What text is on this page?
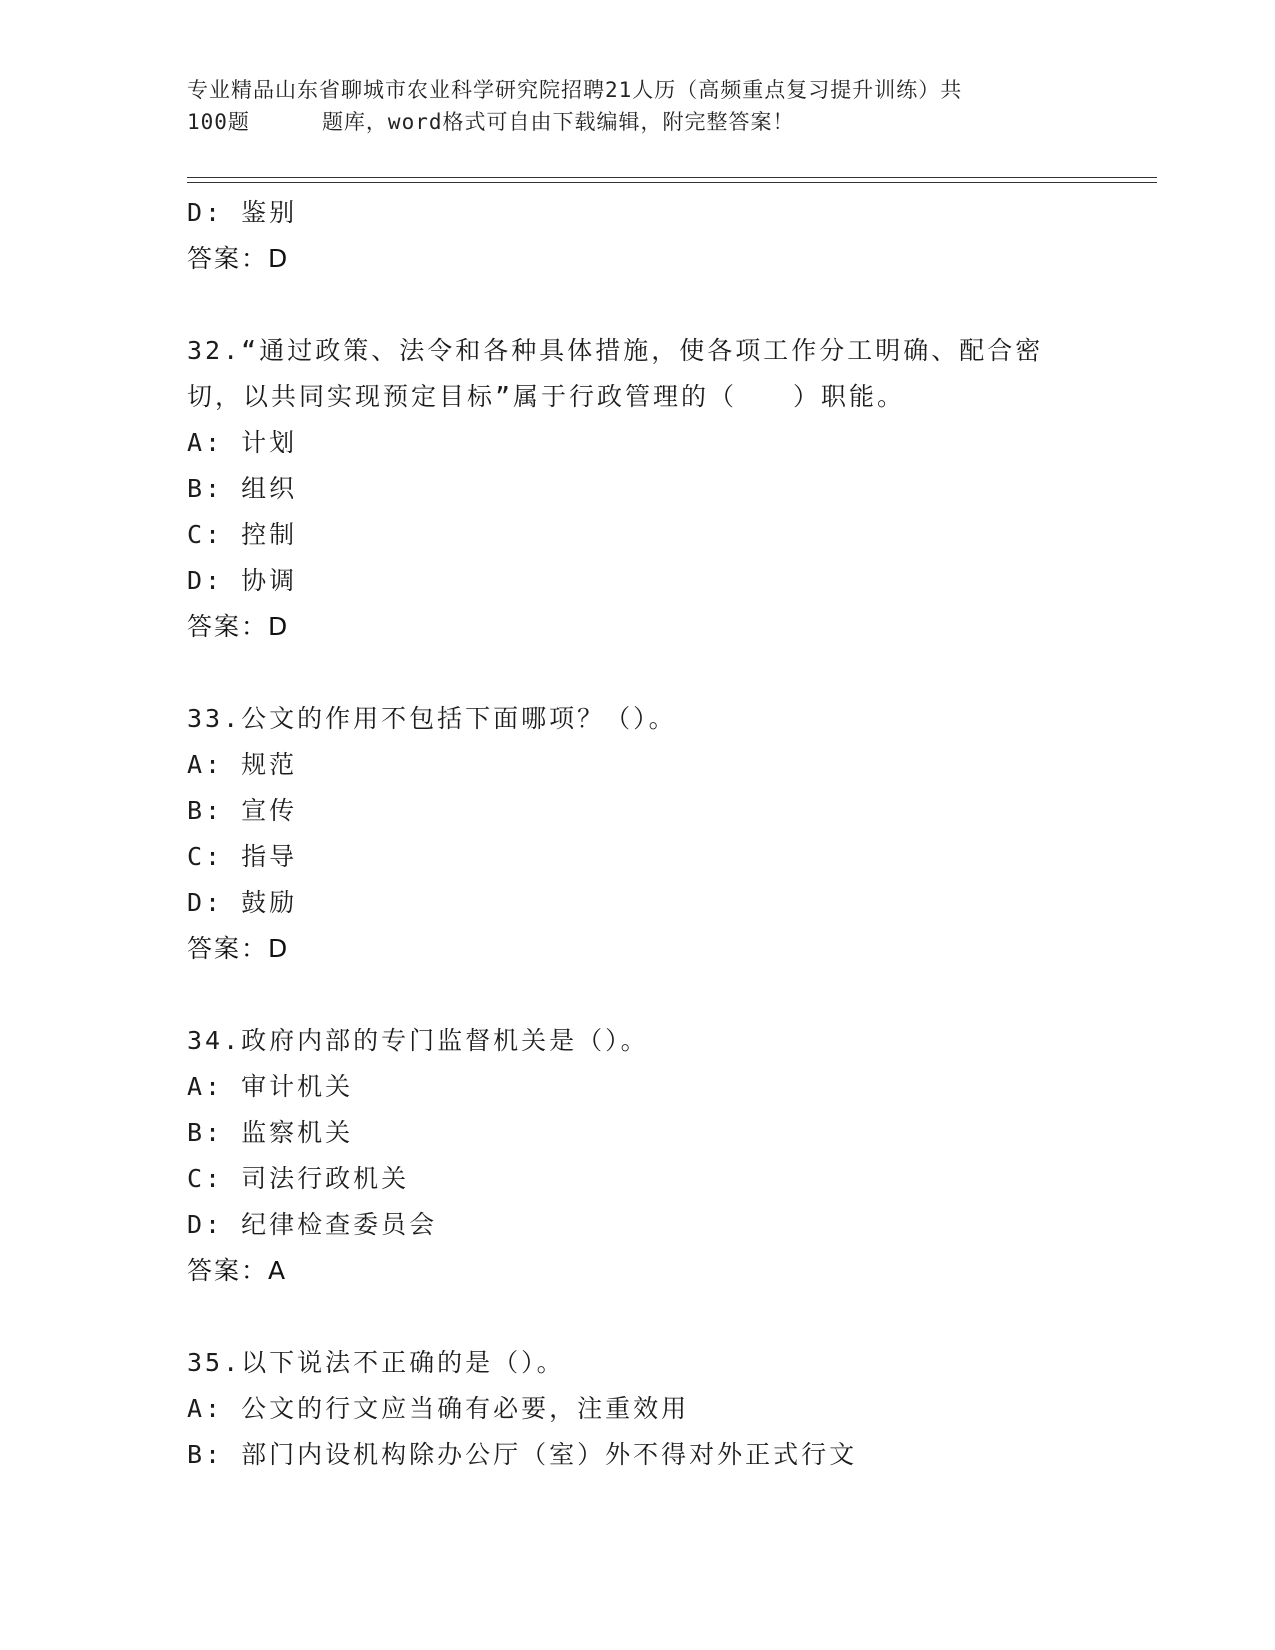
专业精品山东省聊城市农业科学研究院招聘21人历（高频重点复习提升训练）共
100题	题库，word格式可自由下载编辑，附完整答案！
D: 鉴别
答案：D
32.“通过政策、法令和各种具体措施，使各项工作分工明确、配合密
切，以共同实现预定目标”属于行政管理的（　　）职能。
A: 计划
B: 组织
C: 控制
D: 协调
答案：D
33.公文的作用不包括下面哪项？（）。
A: 规范
B: 宣传
C: 指导
D: 鼓励
答案：D
34.政府内部的专门监督机关是（）。
A: 审计机关
B: 监察机关
C: 司法行政机关
D: 纪律检查委员会
答案：A
35.以下说法不正确的是（）。
A: 公文的行文应当确有必要，注重效用
B: 部门内设机构除办公厅（室）外不得对外正式行文
